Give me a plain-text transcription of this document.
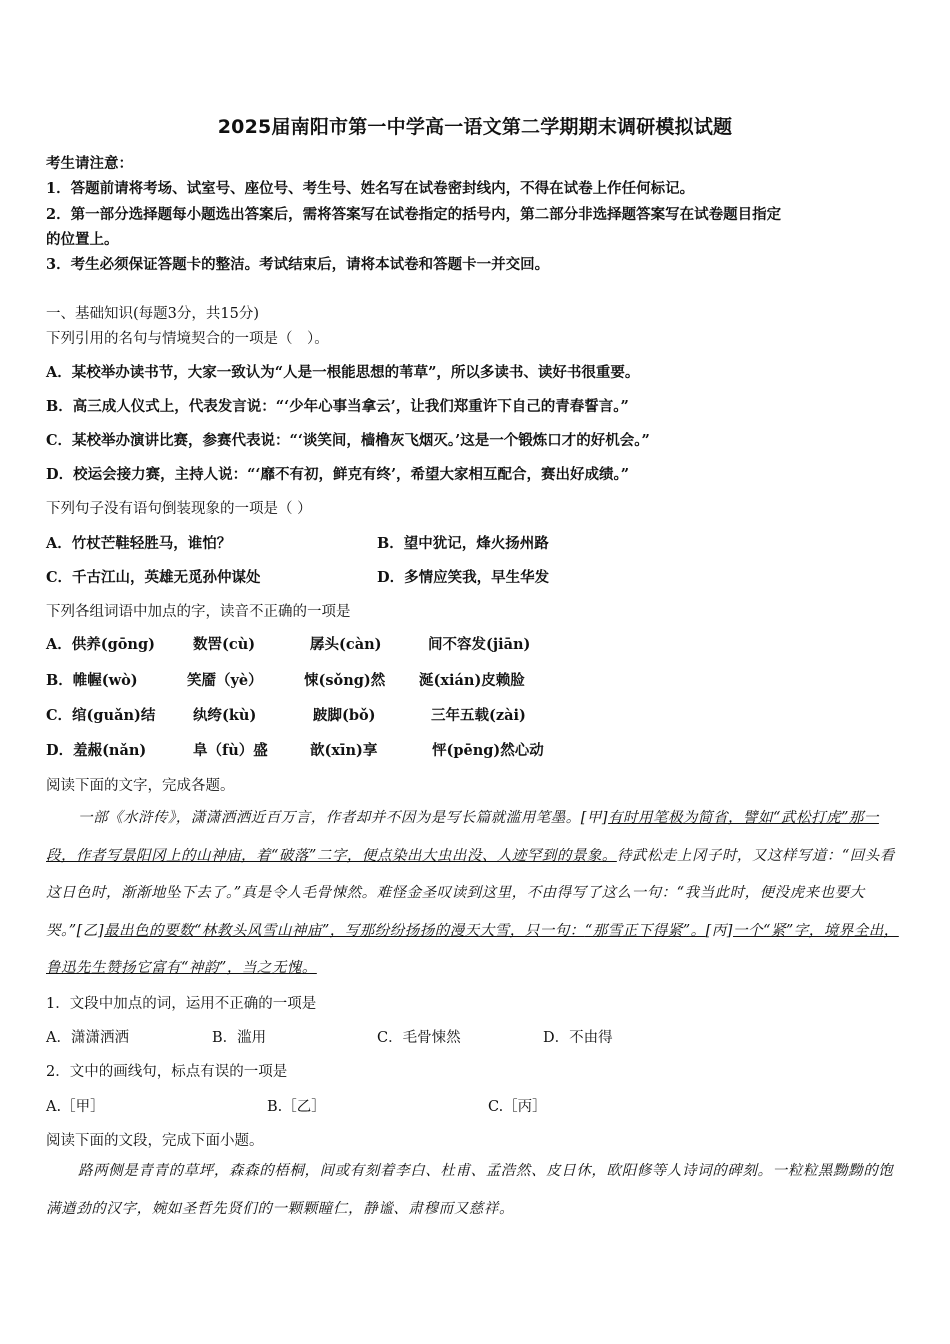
2025届南阳市第一中学高一语文第二学期期末调研模拟试题
考生请注意：
1．答题前请将考场、试室号、座位号、考生号、姓名写在试卷密封线内，不得在试卷上作任何标记。
2．第一部分选择题每小题选出答案后，需将答案写在试卷指定的括号内，第二部分非选择题答案写在试卷题目指定
的位置上。
3．考生必须保证答题卡的整洁。考试结束后，请将本试卷和答题卡一并交回。
一、基础知识(每题3分，共15分)
下列引用的名句与情境契合的一项是（　）。
A．某校举办读书节，大家一致认为“人是一根能思想的苇草”，所以多读书、读好书很重要。
B．高三成人仪式上，代表发言说：“‘少年心事当拿云’，让我们郑重许下自己的青春誓言。”
C．某校举办演讲比赛，参赛代表说：“‘谈笑间，樯橹灰飞烟灭。’这是一个锻炼口才的好机会。”
D．校运会接力赛，主持人说：“‘靡不有初，鲜克有终’，希望大家相互配合，赛出好成绩。”
下列句子没有语句倒装现象的一项是（ ）
A．竹杖芒鞋轻胜马，谁怕？	B．望中犹记，烽火扬州路
C．千古江山，英雄无觅孙仲谋处	D．多情应笑我，早生华发
下列各组词语中加点的字，读音不正确的一项是
A．供养(gōng)	数罟(cù)	孱头(càn)	间不容发(jiān)
B．帷幄(wò)	笑靥（yè）	悚(sǒng)然 涎(xián)皮赖脸
C．绾(guǎn)结	纨绔(kù)	跛脚(bǒ)	三年五载(zài)
D．羞赧(nǎn)	阜（fù）盛	歆(xīn)享	怦(pēng)然心动
阅读下面的文字，完成各题。
一部《水浒传》，潇潇洒洒近百万言，作者却并不因为是写长篇就滥用笔墨。[甲]有时用笔极为简省，譬如“武松打虎”那一段，作者写景阳冈上的山神庙，着“破落”二字，便点染出大虫出没、人迹罕到的景象。待武松走上冈子时，又这样写道：“回头看这日色时，渐渐地坠下去了。”真是令人毛骨悚然。难怪金圣叹读到这里，不由得写了这么一句：“我当此时，便没虎来也要大哭。”[乙]最出色的要数“林教头风雪山神庙”，写那纷纷扬扬的漫天大雪，只一句：“那雪正下得紧”。[丙]一个“紧”字，境界全出，鲁迅先生赞扬它富有“神韵”，当之无愧。
1．文段中加点的词，运用不正确的一项是
A．潇潇洒洒	B．滥用	C．毛骨悚然	D．不由得
2．文中的画线句，标点有误的一项是
A.［甲］	B.［乙］	C.［丙］
阅读下面的文段，完成下面小题。
路两侧是青青的草坪，森森的梧桐，间或有刻着李白、杜甫、孟浩然、皮日休，欧阳修等人诗词的碑刻。一粒粒黑黝黝的饱满遒劲的汉字，婉如圣哲先贤们的一颗颗瞳仁，静谧、肃穆而又慈祥。
